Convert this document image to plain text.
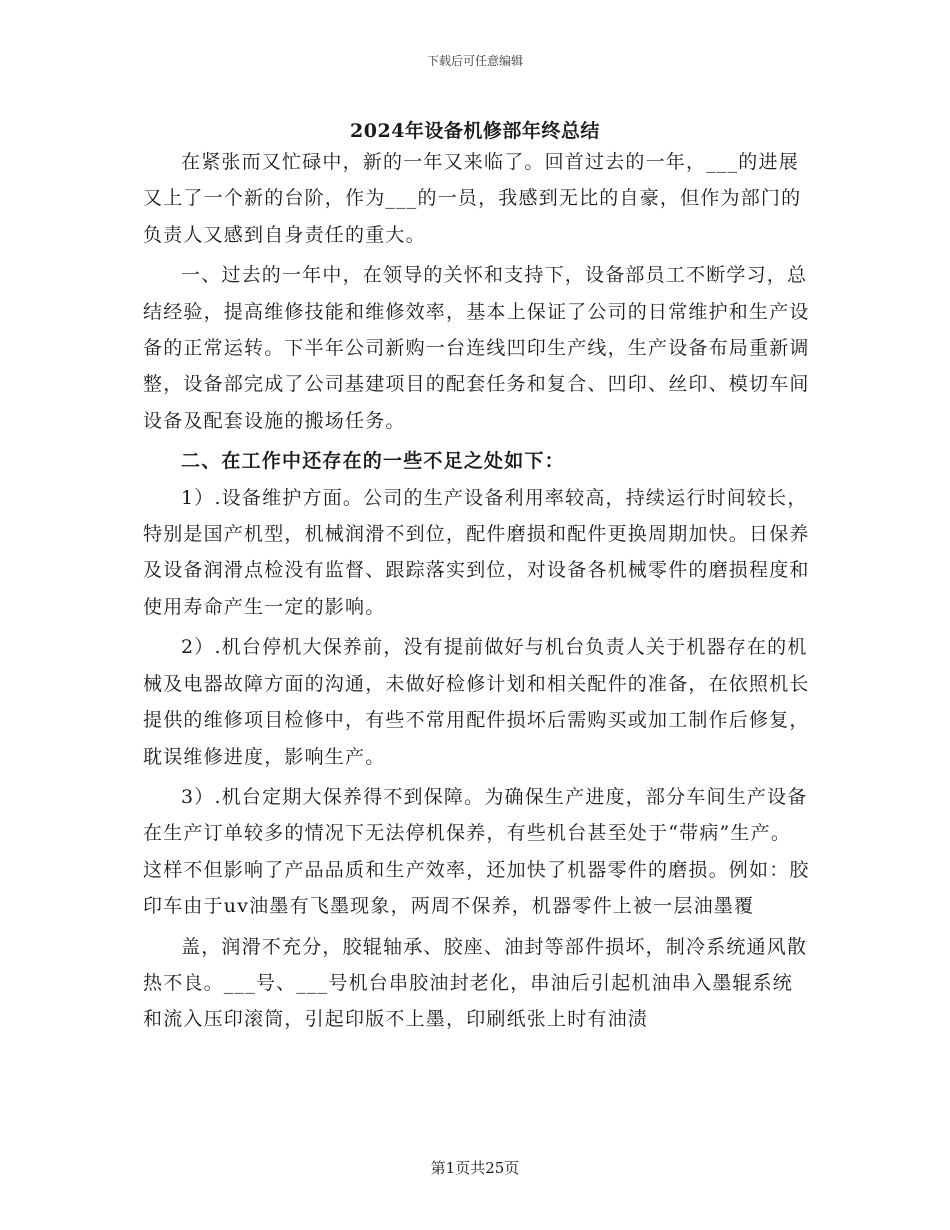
下载后可任意编辑
2024年设备机修部年终总结

在紧张而又忙碌中，新的一年又来临了。回首过去的一年，___的进展又上了一个新的台阶，作为___的一员，我感到无比的自豪，但作为部门的负责人又感到自身责任的重大。

一、过去的一年中，在领导的关怀和支持下，设备部员工不断学习，总结经验，提高维修技能和维修效率，基本上保证了公司的日常维护和生产设备的正常运转。下半年公司新购一台连线凹印生产线，生产设备布局重新调整，设备部完成了公司基建项目的配套任务和复合、凹印、丝印、模切车间设备及配套设施的搬场任务。

二、在工作中还存在的一些不足之处如下：

1）.设备维护方面。公司的生产设备利用率较高，持续运行时间较长，特别是国产机型，机械润滑不到位，配件磨损和配件更换周期加快。日保养及设备润滑点检没有监督、跟踪落实到位，对设备各机械零件的磨损程度和使用寿命产生一定的影响。

2）.机台停机大保养前，没有提前做好与机台负责人关于机器存在的机械及电器故障方面的沟通，未做好检修计划和相关配件的准备，在依照机长提供的维修项目检修中，有些不常用配件损坏后需购买或加工制作后修复，耽误维修进度，影响生产。

3）.机台定期大保养得不到保障。为确保生产进度，部分车间生产设备在生产订单较多的情况下无法停机保养，有些机台甚至处于“带病”生产。这样不但影响了产品品质和生产效率，还加快了机器零件的磨损。例如：胶印车由于uv油墨有飞墨现象，两周不保养，机器零件上被一层油墨覆

盖，润滑不充分，胶辊轴承、胶座、油封等部件损坏，制冷系统通风散热不良。___号、___号机台串胶油封老化，串油后引起机油串入墨辊系统和流入压印滚筒，引起印版不上墨，印刷纸张上时有油渍

第1页共25页
